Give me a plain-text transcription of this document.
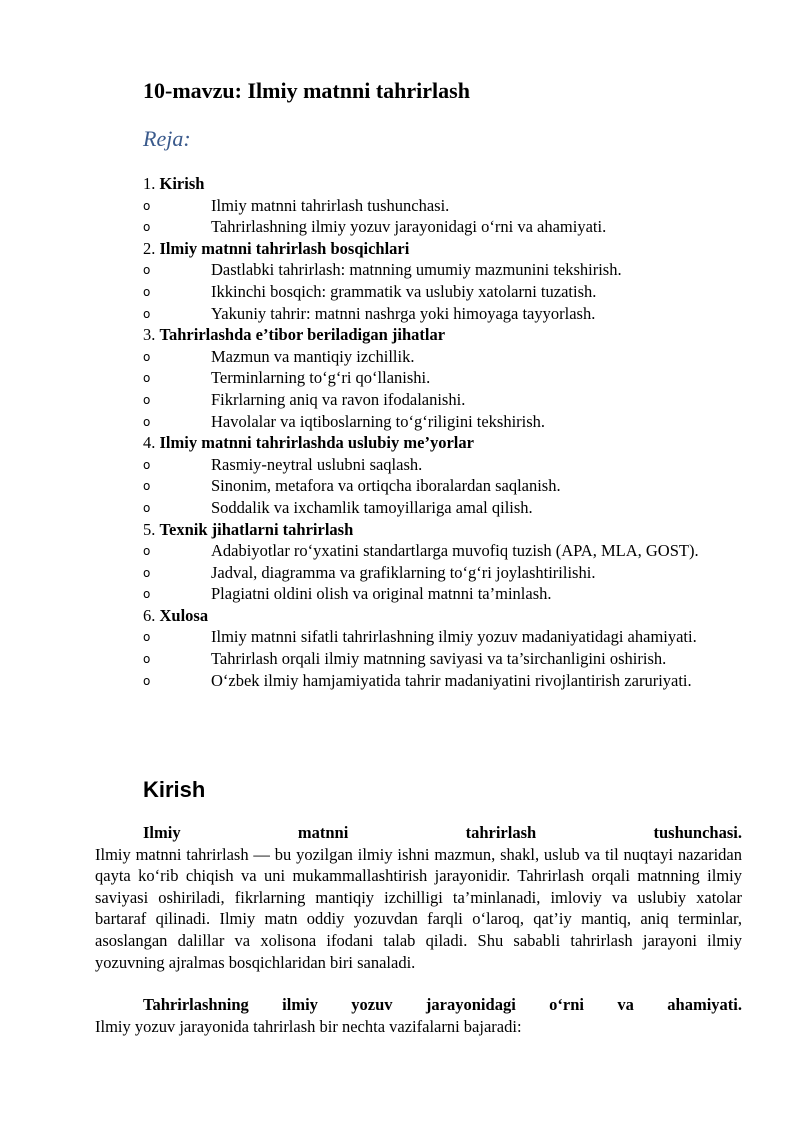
10-mavzu: Ilmiy matnni tahrirlash
Reja:
1. Kirish
o	Ilmiy matnni tahrirlash tushunchasi.
o	Tahrirlashning ilmiy yozuv jarayonidagi o‘rni va ahamiyati.
2. Ilmiy matnni tahrirlash bosqichlari
o	Dastlabki tahrirlash: matnning umumiy mazmunini tekshirish.
o	Ikkinchi bosqich: grammatik va uslubiy xatolarni tuzatish.
o	Yakuniy tahrir: matnni nashrga yoki himoyaga tayyorlash.
3. Tahrirlashda e’tibor beriladigan jihatlar
o	Mazmun va mantiqiy izchillik.
o	Terminlarning to‘g‘ri qo‘llanishi.
o	Fikrlarning aniq va ravon ifodalanishi.
o	Havolalar va iqtiboslarning to‘g‘riligini tekshirish.
4. Ilmiy matnni tahrirlashda uslubiy me’yorlar
o	Rasmiy-neytral uslubni saqlash.
o	Sinonim, metafora va ortiqcha iboralardan saqlanish.
o	Soddalik va ixchamlik tamoyillariga amal qilish.
5. Texnik jihatlarni tahrirlash
o	Adabiyotlar ro‘yxatini standartlarga muvofiq tuzish (APA, MLA, GOST).
o	Jadval, diagramma va grafiklarning to‘g‘ri joylashtirilishi.
o	Plagiatni oldini olish va original matnni ta’minlash.
6. Xulosa
o	Ilmiy matnni sifatli tahrirlashning ilmiy yozuv madaniyatidagi ahamiyati.
o	Tahrirlash orqali ilmiy matnning saviyasi va ta’sirchanligini oshirish.
o	O‘zbek ilmiy hamjamiyatida tahrir madaniyatini rivojlantirish zaruriyati.
Kirish
Ilmiy matnni tahrirlash tushunchasi.
Ilmiy matnni tahrirlash — bu yozilgan ilmiy ishni mazmun, shakl, uslub va til nuqtayi nazaridan qayta ko‘rib chiqish va uni mukammallashtirish jarayonidir. Tahrirlash orqali matnning ilmiy saviyasi oshiriladi, fikrlarning mantiqiy izchilligi ta’minlanadi, imloviy va uslubiy xatolar bartaraf qilinadi. Ilmiy matn oddiy yozuvdan farqli o‘laroq, qat’iy mantiq, aniq terminlar, asoslangan dalillar va xolisona ifodani talab qiladi. Shu sababli tahrirlash jarayoni ilmiy yozuvning ajralmas bosqichlaridan biri sanaladi.
Tahrirlashning ilmiy yozuv jarayonidagi o‘rni va ahamiyati.
Ilmiy yozuv jarayonida tahrirlash bir nechta vazifalarni bajaradi:
